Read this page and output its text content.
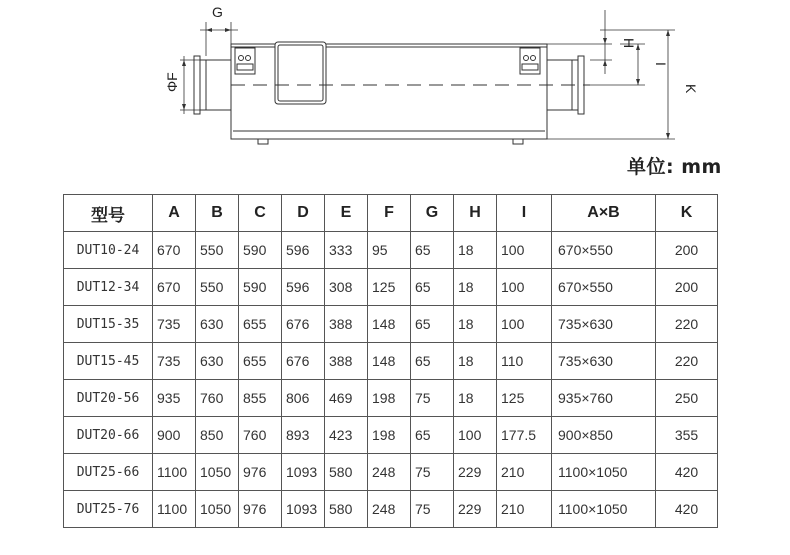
G
ΦF
H
I
K
单位: mm
型号	A	B	C	D	E	F	G	H	I	A×B	K
DUT10-24	670	550	590	596	333	95	65	18	100	670×550	200
DUT12-34	670	550	590	596	308	125	65	18	100	670×550	200
DUT15-35	735	630	655	676	388	148	65	18	100	735×630	220
DUT15-45	735	630	655	676	388	148	65	18	110	735×630	220
DUT20-56	935	760	855	806	469	198	75	18	125	935×760	250
DUT20-66	900	850	760	893	423	198	65	100	177.5	900×850	355
DUT25-66	1100	1050	976	1093	580	248	75	229	210	1100×1050	420
DUT25-76	1100	1050	976	1093	580	248	75	229	210	1100×1050	420
